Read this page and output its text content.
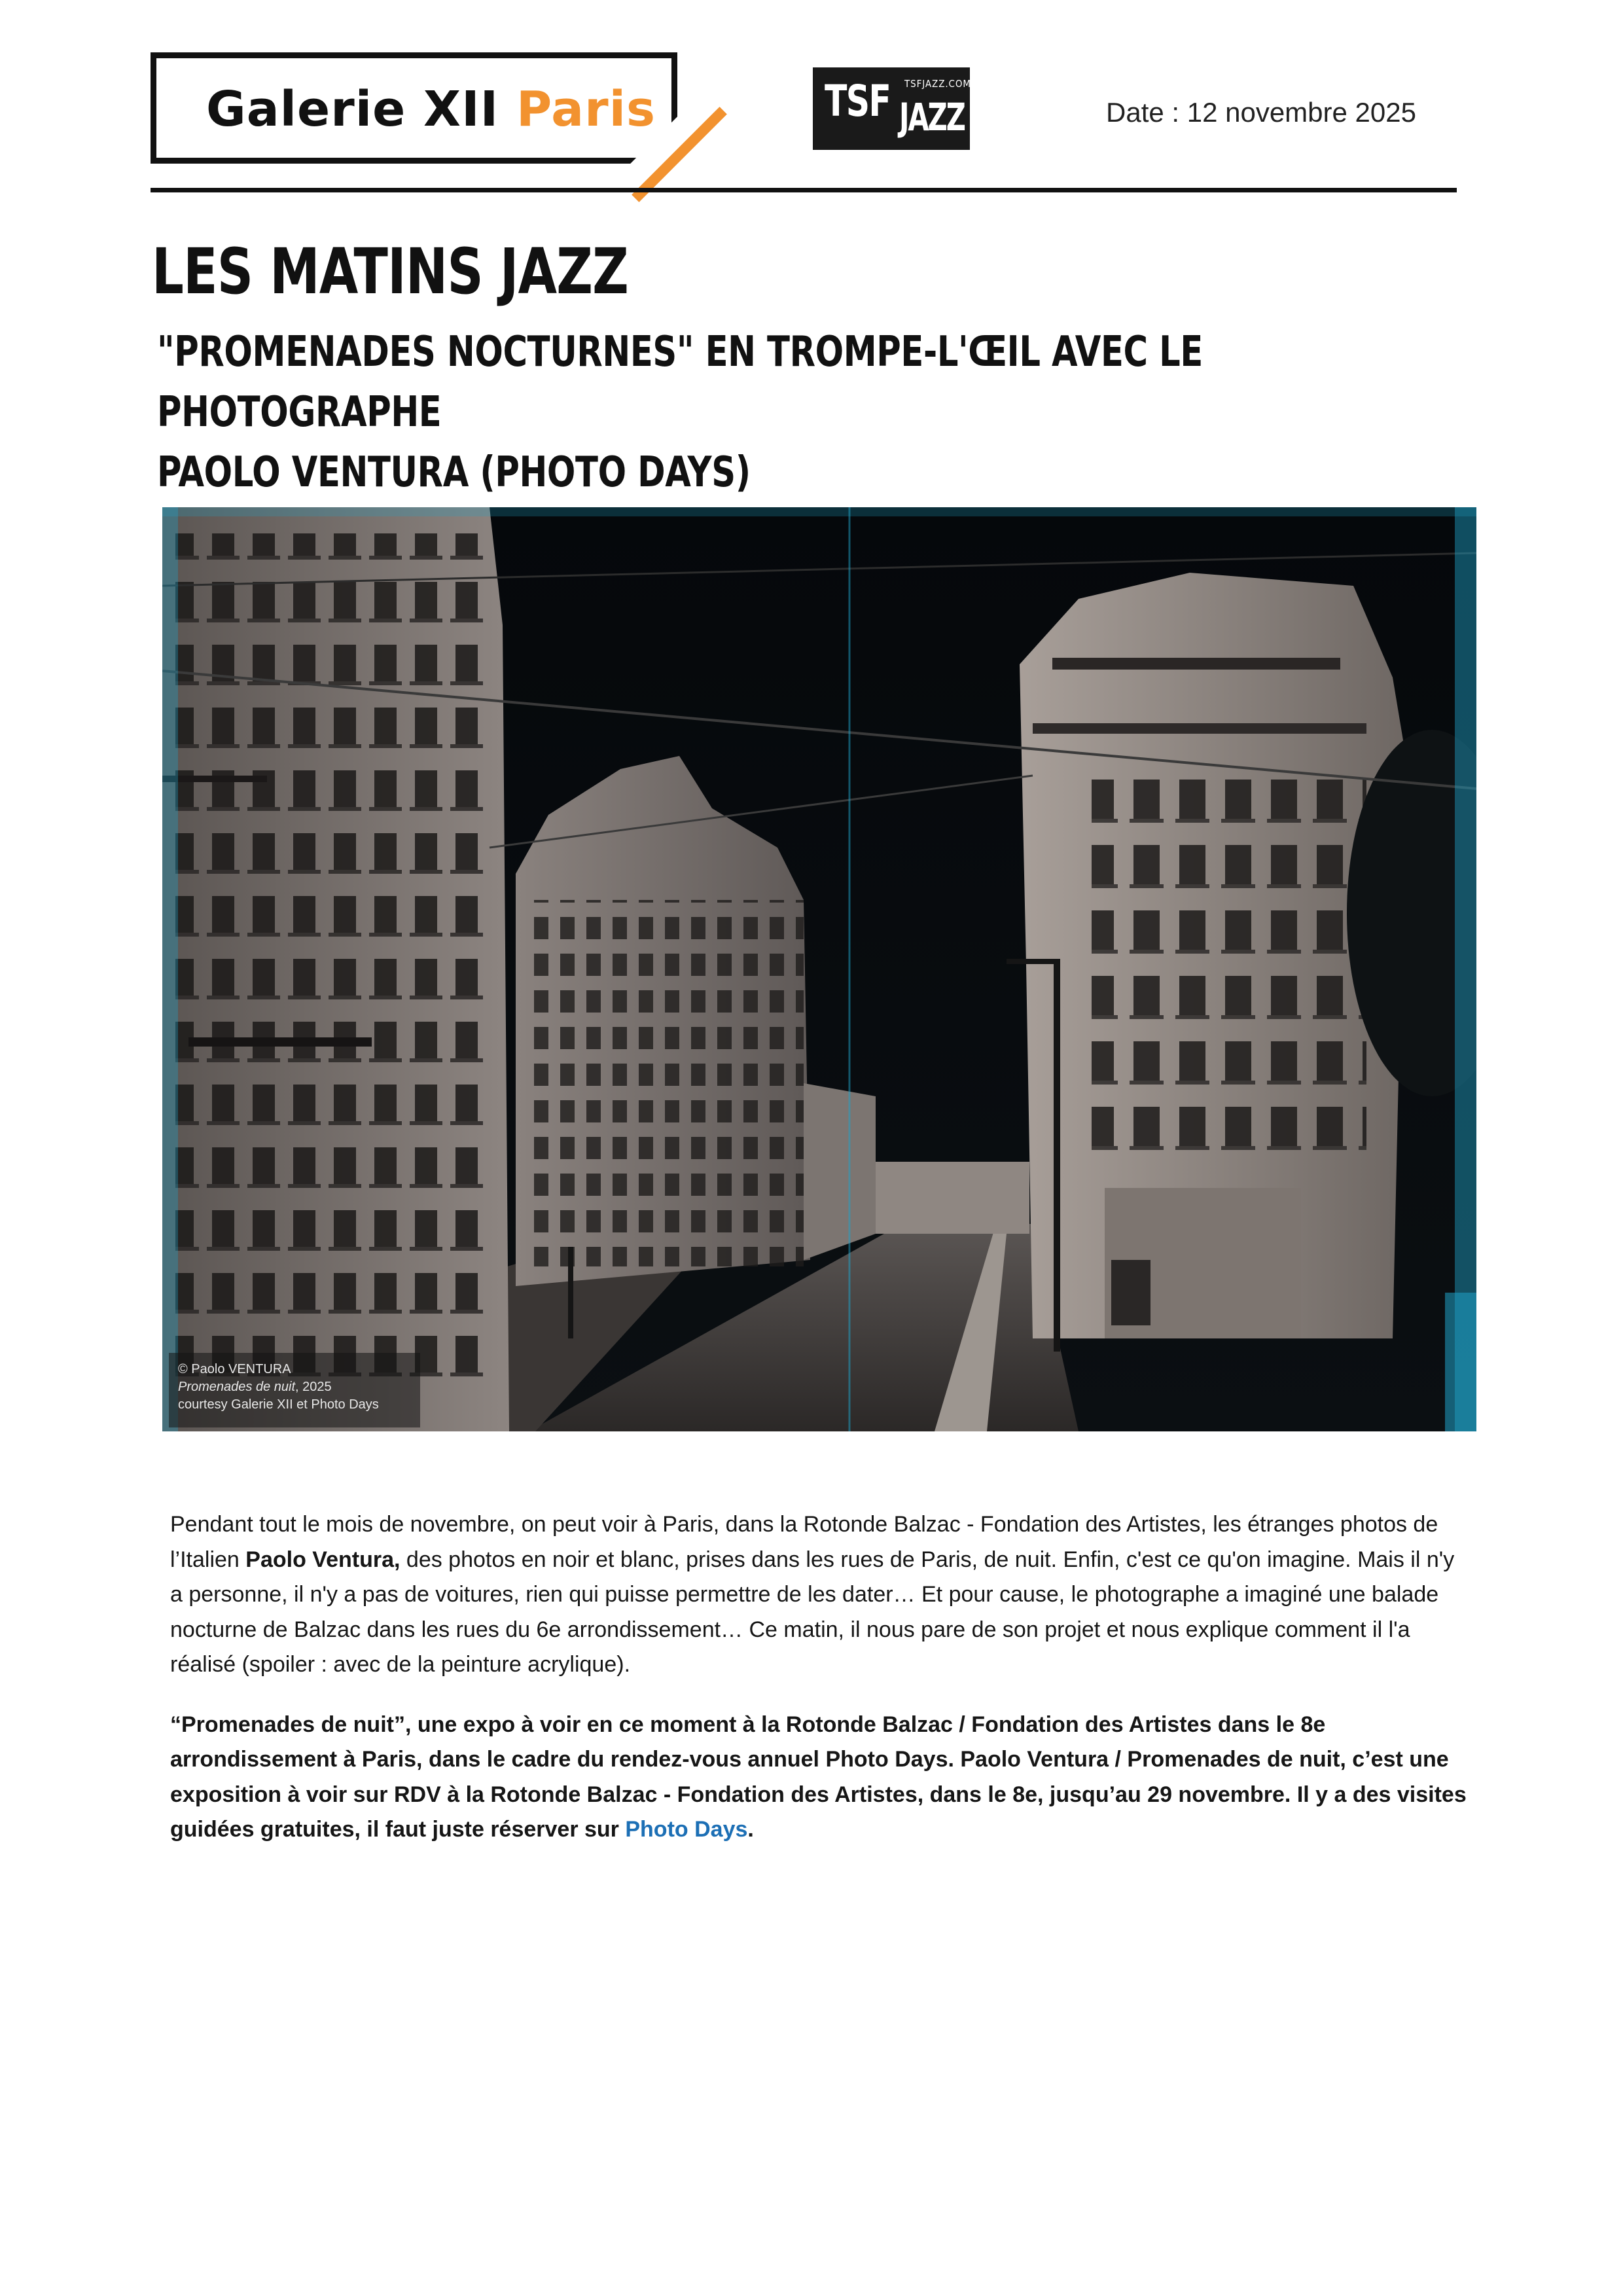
Galerie XII Paris	TSF TSFJAZZ.COM
JAZZ	Date : 12 novembre 2025
LES MATINS JAZZ
"PROMENADES NOCTURNES" EN TROMPE-L'ŒIL AVEC LE PHOTOGRAPHE
PAOLO VENTURA (PHOTO DAYS)
© Paolo VENTURA
Promenades de nuit, 2025
courtesy Galerie XII et Photo Days

Pendant tout le mois de novembre, on peut voir à Paris, dans la Rotonde Balzac - Fondation des Artistes, les étranges photos de l’Italien Paolo Ventura, des photos en noir et blanc, prises dans les rues de Paris, de nuit. Enfin, c'est ce qu'on imagine. Mais il n'y a personne, il n'y a pas de voitures, rien qui puisse permettre de les dater… Et pour cause, le photographe a imaginé une balade nocturne de Balzac dans les rues du 6e arrondissement… Ce matin, il nous pare de son projet et nous explique comment il l'a réalisé (spoiler : avec de la peinture acrylique).

“Promenades de nuit”, une expo à voir en ce moment à la Rotonde Balzac / Fondation des Artistes dans le 8e arrondissement à Paris, dans le cadre du rendez-vous annuel Photo Days. Paolo Ventura / Promenades de nuit, c’est une exposition à voir sur RDV à la Rotonde Balzac - Fondation des Artistes, dans le 8e, jusqu’au 29 novembre. Il y a des visites guidées gratuites, il faut juste réserver sur Photo Days.
